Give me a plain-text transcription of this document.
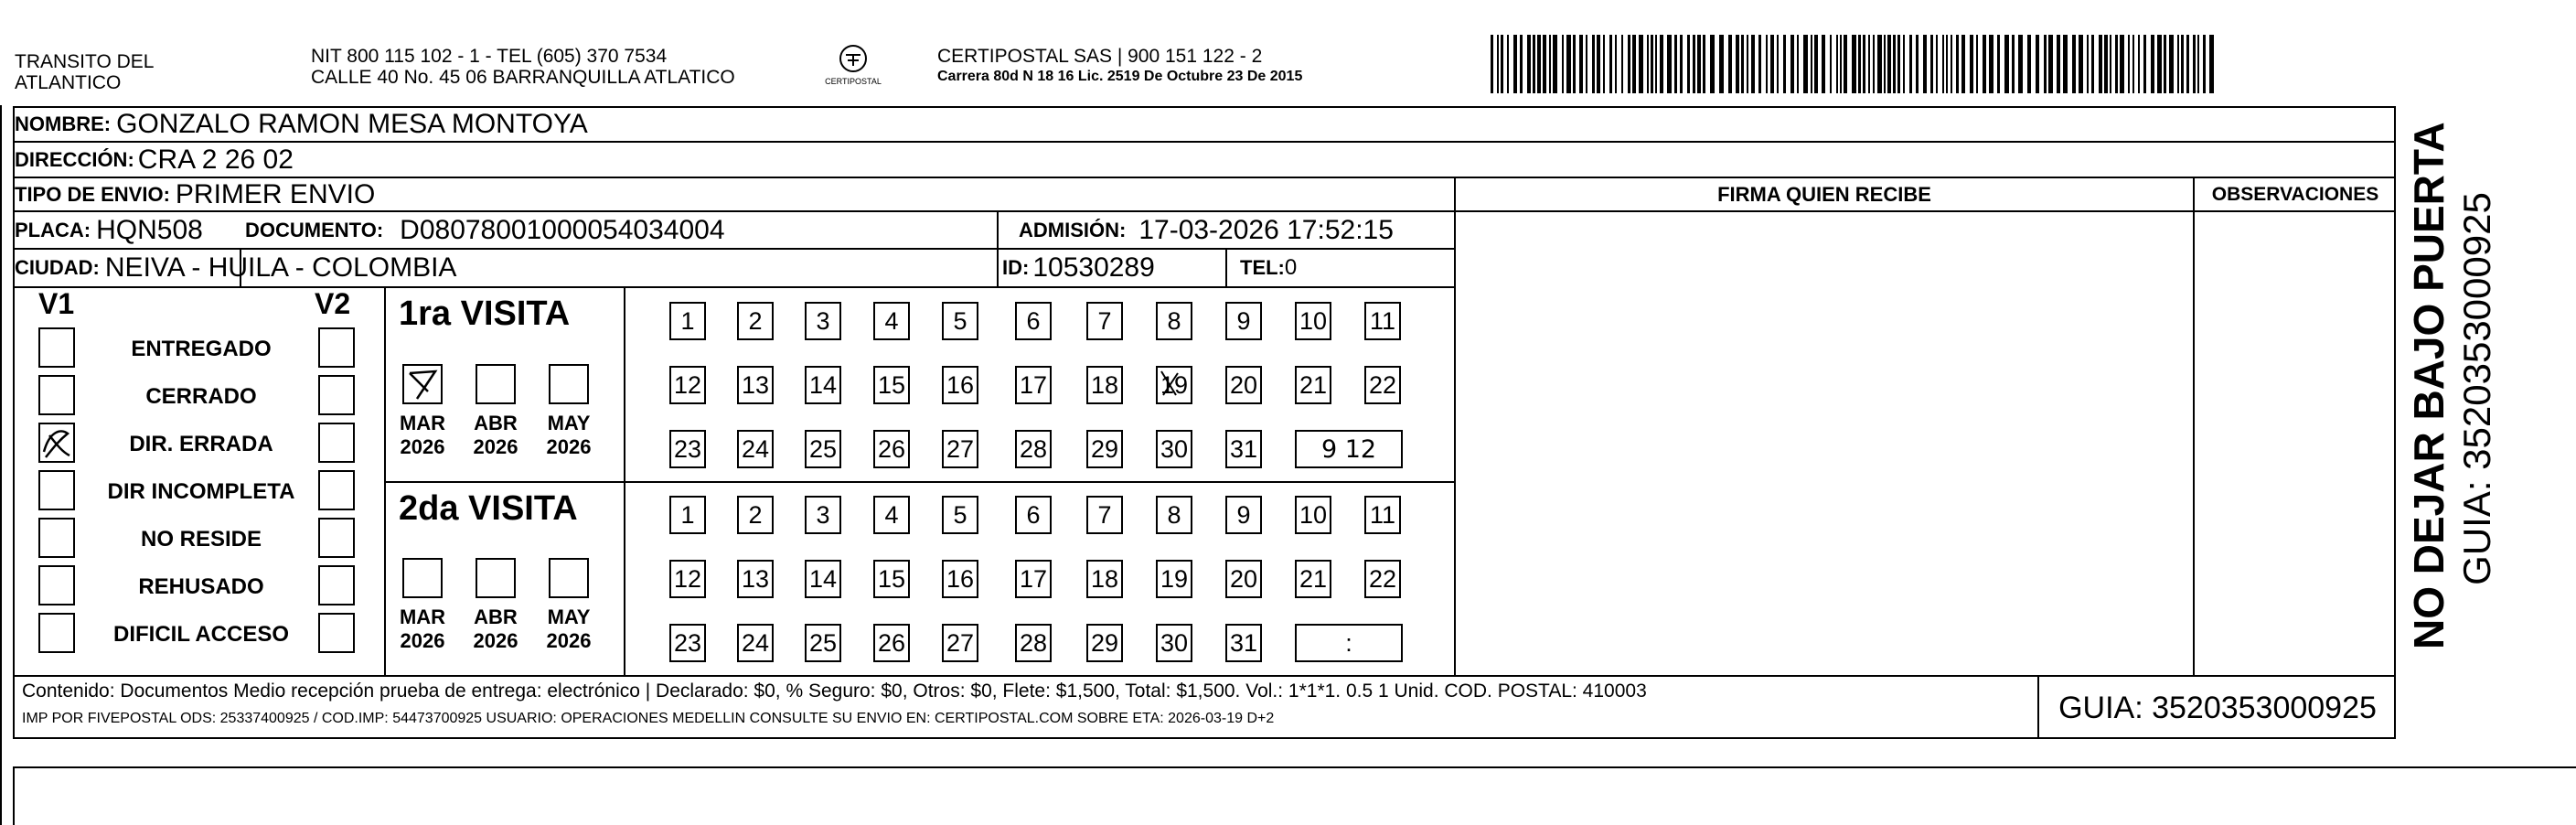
TRANSITO DEL
ATLANTICO
NIT 800 115 102 - 1 - TEL (605) 370 7534
CALLE 40 No. 45 06 BARRANQUILLA ATLATICO	CERTIPOSTAL
CERTIPOSTAL SAS | 900 151 122 - 2
Carrera 80d N 18 16 Lic. 2519 De Octubre 23 De 2015
NOMBRE: GONZALO RAMON MESA MONTOYA
DIRECCIÓN: CRA 2 26 02
TIPO DE ENVIO: PRIMER ENVIO
PLACA: HQN508 DOCUMENTO: D08078001000054034004	ADMISIÓN: 17-03-2026 17:52:15
CIUDAD: NEIVA - HUILA - COLOMBIA	ID: 10530289	TEL: 0
FIRMA QUIEN RECIBE	OBSERVACIONES
V1	V2
ENTREGADO
CERRADO
DIR. ERRADA
DIR INCOMPLETA
NO RESIDE
REHUSADO
DIFICIL ACCESO
1ra VISITA
2da VISITA
MAR
2026
ABR
2026
MAY
2026
MAR
2026
ABR
2026
MAY
2026
1	2	3	4	5	6	7	8	9	10 11
12 13 14 15 16 17 18 19 20 21 22
23 24 25 26 27 28 29 30 31	9 12
1	2	3	4	5	6	7	8	9	10 11
12 13 14 15 16 17 18 19 20 21 22
23 24 25 26 27 28 29 30 31	:
Contenido: Documentos Medio recepción prueba de entrega: electrónico | Declarado: $0, % Seguro: $0, Otros: $0, Flete: $1,500, Total: $1,500. Vol.: 1*1*1. 0.5 1 Unid. COD. POSTAL: 410003
IMP POR FIVEPOSTAL ODS: 25337400925 / COD.IMP: 54473700925 USUARIO: OPERACIONES MEDELLIN CONSULTE SU ENVIO EN: CERTIPOSTAL.COM SOBRE ETA: 2026-03-19 D+2	GUIA: 3520353000925
NO DEJAR BAJO PUERTA GUIA: 3520353000925
